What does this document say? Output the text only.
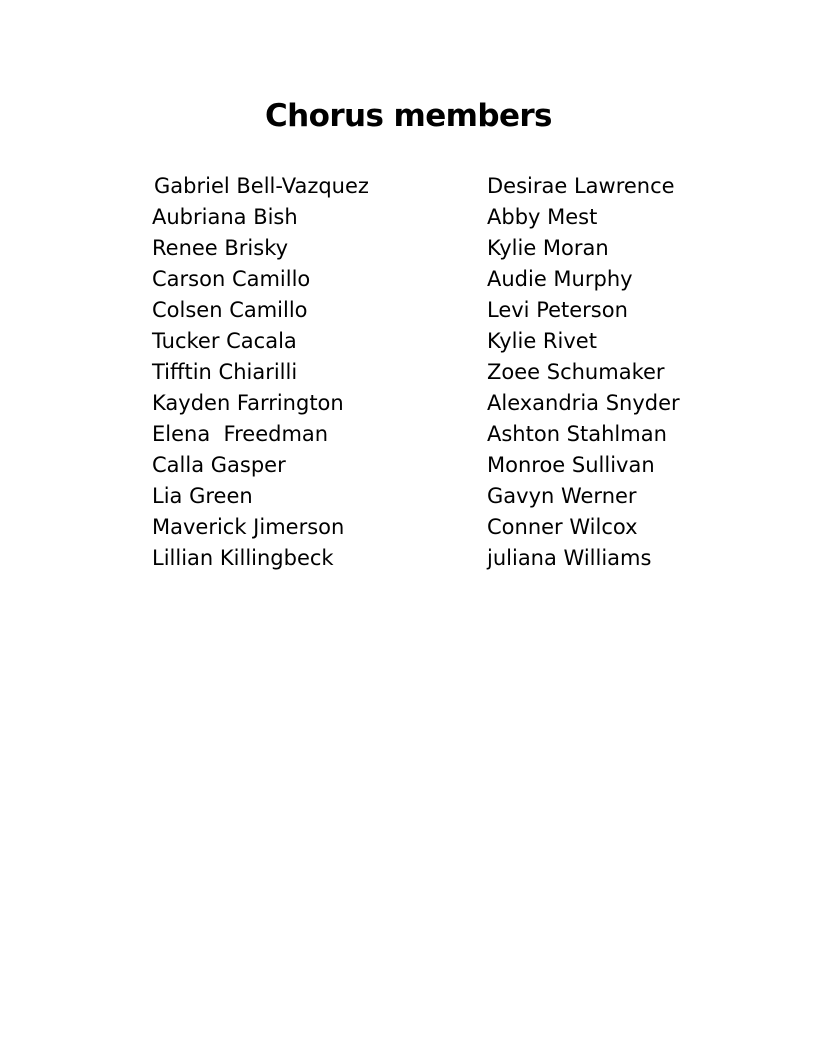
Chorus members
Gabriel Bell-Vazquez
Aubriana Bish
Renee Brisky
Carson Camillo
Colsen Camillo
Tucker Cacala
Tifftin Chiarilli
Kayden Farrington
Elena  Freedman
Calla Gasper
Lia Green
Maverick Jimerson
Lillian Killingbeck
Desirae Lawrence
Abby Mest
Kylie Moran
Audie Murphy
Levi Peterson
Kylie Rivet
Zoee Schumaker
Alexandria Snyder
Ashton Stahlman
Monroe Sullivan
Gavyn Werner
Conner Wilcox
juliana Williams
